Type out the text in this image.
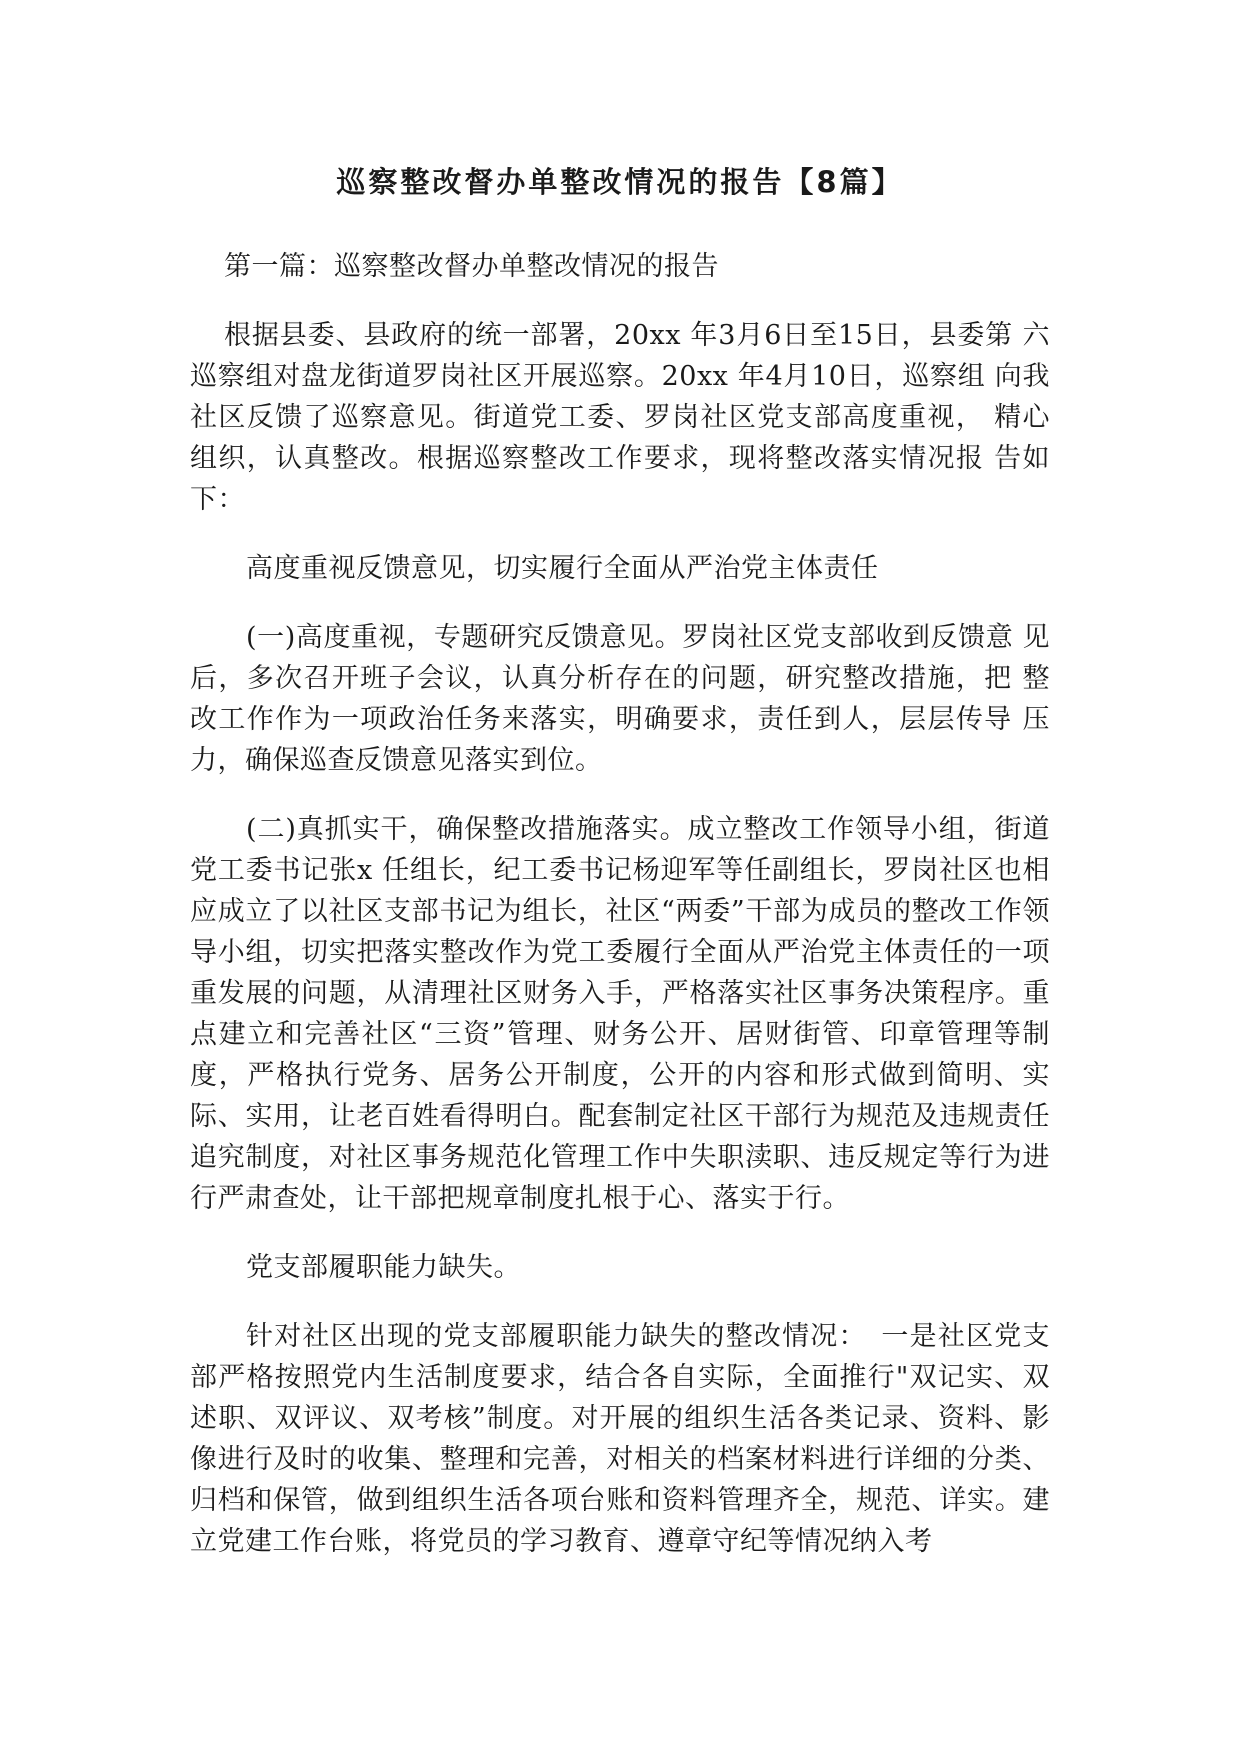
巡察整改督办单整改情况的报告【8篇】

第一篇：巡察整改督办单整改情况的报告

根据县委、县政府的统一部署，20xx 年3月6日至15日，县委第 六巡察组对盘龙街道罗岗社区开展巡察。20xx 年4月10日，巡察组 向我社区反馈了巡察意见。街道党工委、罗岗社区党支部高度重视， 精心组织，认真整改。根据巡察整改工作要求，现将整改落实情况报 告如下：

高度重视反馈意见，切实履行全面从严治党主体责任

(一)高度重视，专题研究反馈意见。罗岗社区党支部收到反馈意 见后，多次召开班子会议，认真分析存在的问题，研究整改措施，把 整改工作作为一项政治任务来落实，明确要求，责任到人，层层传导 压力，确保巡查反馈意见落实到位。

(二)真抓实干，确保整改措施落实。成立整改工作领导小组，街道党工委书记张x 任组长，纪工委书记杨迎军等任副组长，罗岗社区也相应成立了以社区支部书记为组长，社区“两委”干部为成员的整改工作领导小组，切实把落实整改作为党工委履行全面从严治党主体责任的一项重发展的问题，从清理社区财务入手，严格落实社区事务决策程序。重点建立和完善社区“三资”管理、财务公开、居财街管、印章管理等制度，严格执行党务、居务公开制度，公开的内容和形式做到简明、实际、实用，让老百姓看得明白。配套制定社区干部行为规范及违规责任追究制度，对社区事务规范化管理工作中失职渎职、违反规定等行为进行严肃查处，让干部把规章制度扎根于心、落实于行。

党支部履职能力缺失。

针对社区出现的党支部履职能力缺失的整改情况：　一是社区党支部严格按照党内生活制度要求，结合各自实际，全面推行"双记实、双述职、双评议、双考核”制度。对开展的组织生活各类记录、资料、影像进行及时的收集、整理和完善，对相关的档案材料进行详细的分类、归档和保管，做到组织生活各项台账和资料管理齐全，规范、详实。建立党建工作台账，将党员的学习教育、遵章守纪等情况纳入考
